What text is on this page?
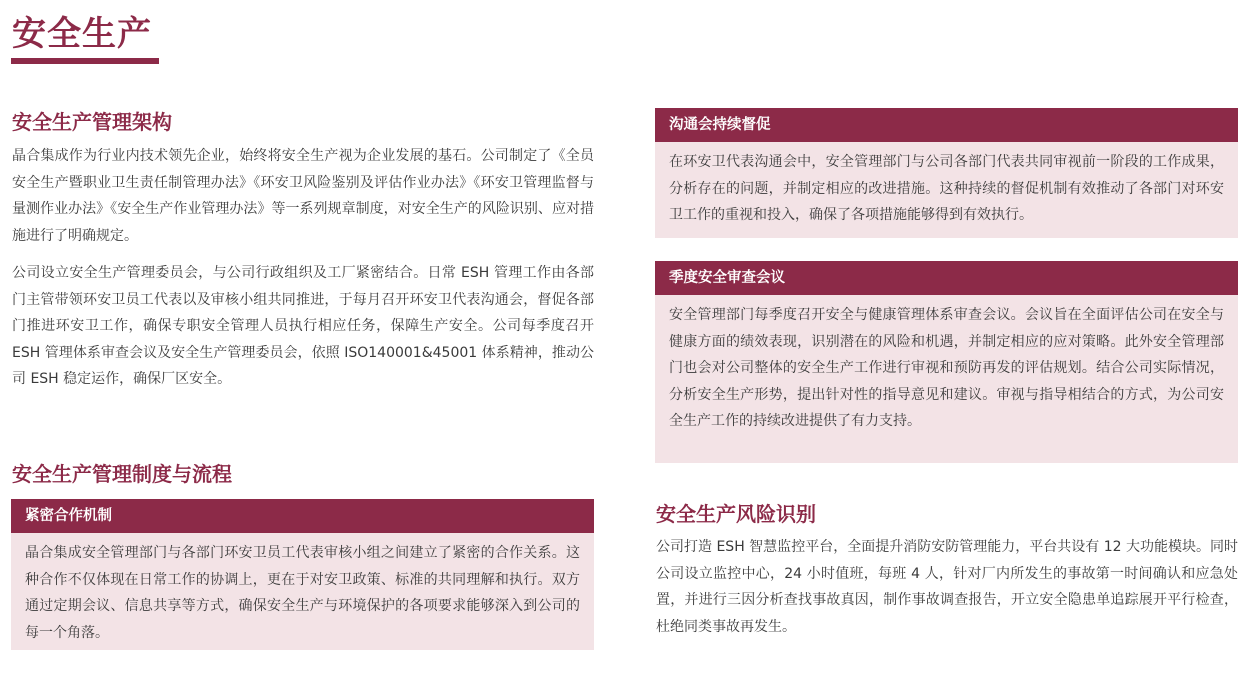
安全生产
安全生产管理架构
晶合集成作为行业内技术领先企业，始终将安全生产视为企业发展的基石。公司制定了《全员安全生产暨职业卫生责任制管理办法》《环安卫风险鉴别及评估作业办法》《环安卫管理监督与量测作业办法》《安全生产作业管理办法》等一系列规章制度，对安全生产的风险识别、应对措施进行了明确规定。
公司设立安全生产管理委员会，与公司行政组织及工厂紧密结合。日常 ESH 管理工作由各部门主管带领环安卫员工代表以及审核小组共同推进，于每月召开环安卫代表沟通会，督促各部门推进环安卫工作，确保专职安全管理人员执行相应任务，保障生产安全。公司每季度召开 ESH 管理体系审查会议及安全生产管理委员会，依照 ISO140001&45001 体系精神，推动公司 ESH 稳定运作，确保厂区安全。
安全生产管理制度与流程
紧密合作机制
晶合集成安全管理部门与各部门环安卫员工代表审核小组之间建立了紧密的合作关系。这种合作不仅体现在日常工作的协调上，更在于对安卫政策、标准的共同理解和执行。双方通过定期会议、信息共享等方式，确保安全生产与环境保护的各项要求能够深入到公司的每一个角落。
沟通会持续督促
在环安卫代表沟通会中，安全管理部门与公司各部门代表共同审视前一阶段的工作成果，分析存在的问题，并制定相应的改进措施。这种持续的督促机制有效推动了各部门对环安卫工作的重视和投入，确保了各项措施能够得到有效执行。
季度安全审查会议
安全管理部门每季度召开安全与健康管理体系审查会议。会议旨在全面评估公司在安全与健康方面的绩效表现，识别潜在的风险和机遇，并制定相应的应对策略。此外安全管理部门也会对公司整体的安全生产工作进行审视和预防再发的评估规划。结合公司实际情况，分析安全生产形势，提出针对性的指导意见和建议。审视与指导相结合的方式，为公司安全生产工作的持续改进提供了有力支持。
安全生产风险识别
公司打造 ESH 智慧监控平台，全面提升消防安防管理能力，平台共设有 12 大功能模块。同时公司设立监控中心，24 小时值班，每班 4 人，针对厂内所发生的事故第一时间确认和应急处置，并进行三因分析查找事故真因，制作事故调查报告，开立安全隐患单追踪展开平行检查，杜绝同类事故再发生。
